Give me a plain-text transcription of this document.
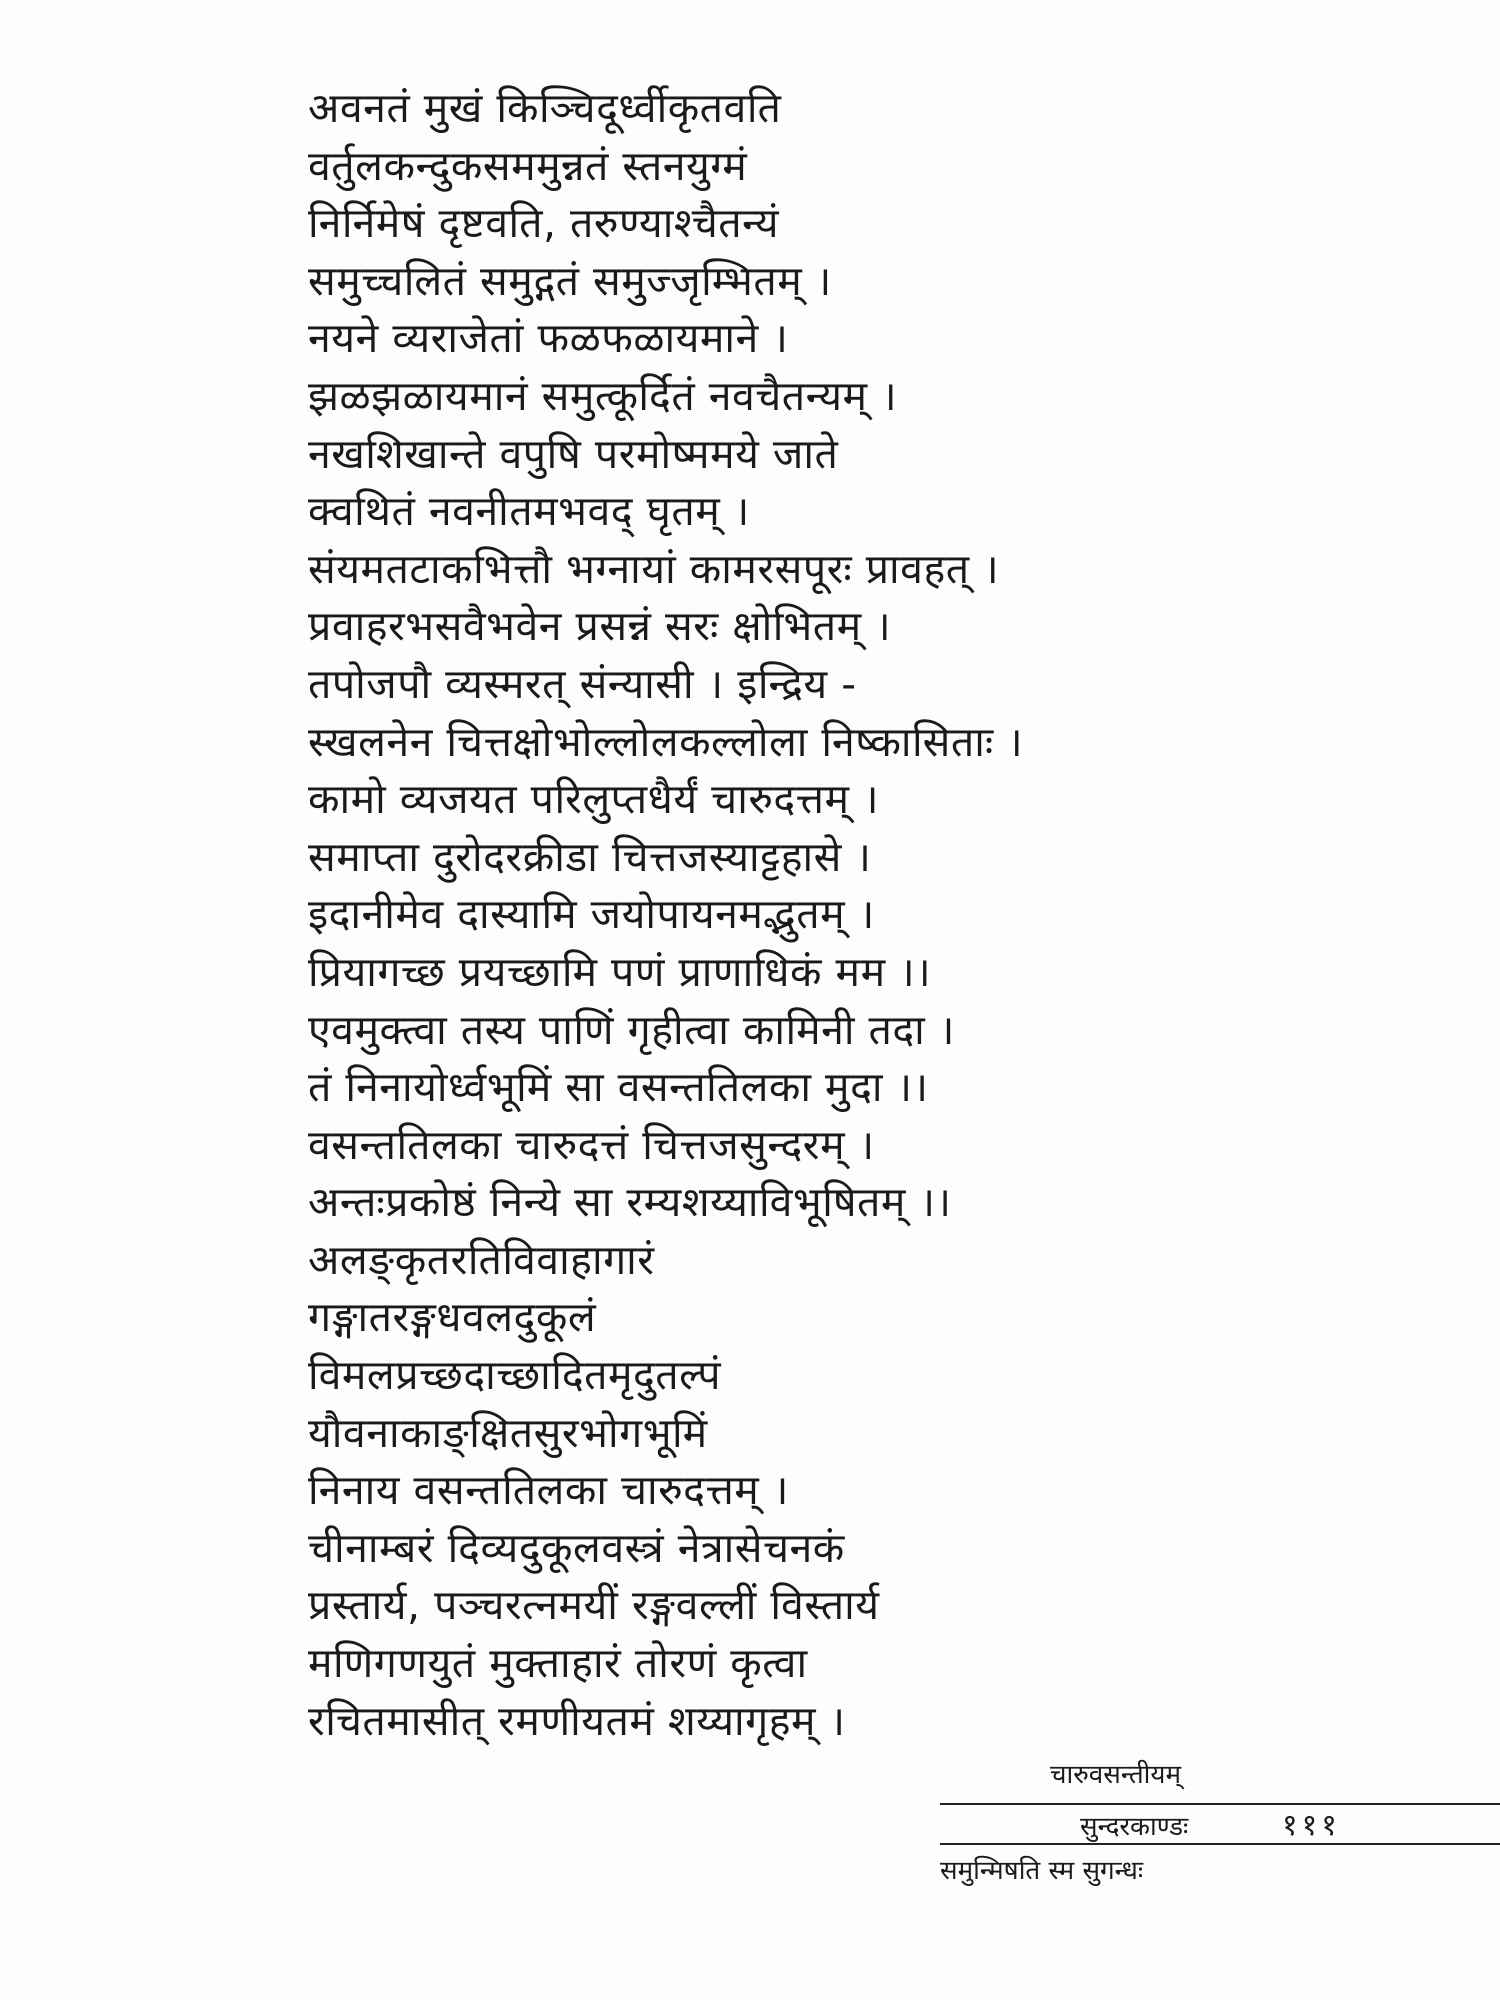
अवनतं मुखं किञ्चिदूर्ध्वीकृतवति
वर्तुलकन्दुकसममुन्नतं स्तनयुग्मं
निर्निमेषं दृष्टवति, तरुण्याश्चैतन्यं
समुच्चलितं समुद्गतं समुज्जृम्भितम् ।
नयने व्यराजेतां फळफळायमाने ।
झळझळायमानं समुत्कूर्दितं नवचैतन्यम् ।
नखशिखान्ते वपुषि परमोष्ममये जाते
क्वथितं नवनीतमभवद् घृतम् ।
संयमतटाकभित्तौ भग्नायां कामरसपूरः प्रावहत् ।
प्रवाहरभसवैभवेन प्रसन्नं सरः क्षोभितम् ।
तपोजपौ व्यस्मरत् संन्यासी । इन्द्रिय -
स्खलनेन चित्तक्षोभोल्लोलकल्लोला निष्कासिताः ।
कामो व्यजयत परिलुप्तधैर्यं चारुदत्तम् ।
समाप्ता दुरोदरक्रीडा चित्तजस्याट्टहासे ।
इदानीमेव दास्यामि जयोपायनमद्भुतम् ।
प्रियागच्छ प्रयच्छामि पणं प्राणाधिकं मम ।।
एवमुक्त्वा तस्य पाणिं गृहीत्वा कामिनी तदा ।
तं निनायोर्ध्वभूमिं सा वसन्ततिलका मुदा ।।
वसन्ततिलका चारुदत्तं चित्तजसुन्दरम् ।
अन्तःप्रकोष्ठं निन्ये सा रम्यशय्याविभूषितम् ।।
अलङ्कृतरतिविवाहागारं
गङ्गातरङ्गधवलदुकूलं
विमलप्रच्छदाच्छादितमृदुतल्पं
यौवनाकाङ्क्षितसुरभोगभूमिं
निनाय वसन्ततिलका चारुदत्तम् ।
चीनाम्बरं दिव्यदुकूलवस्त्रं नेत्रासेचनकं
प्रस्तार्य, पञ्चरत्नमयीं रङ्गवल्लीं विस्तार्य
मणिगणयुतं मुक्ताहारं तोरणं कृत्वा
रचितमासीत् रमणीयतमं शय्यागृहम् ।
चारुवसन्तीयम्
सुन्दरकाण्डः	१११
समुन्मिषति स्म सुगन्धः
